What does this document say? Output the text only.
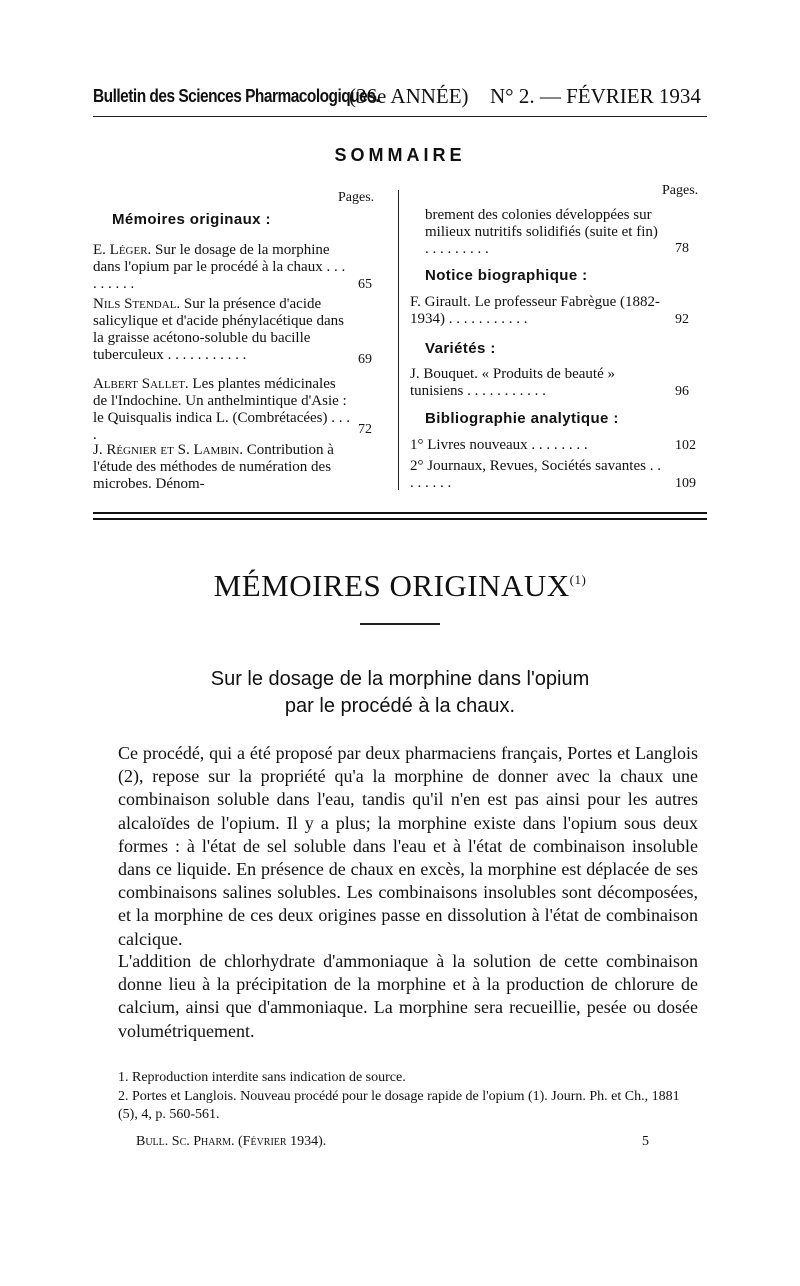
Bulletin des Sciences Pharmacologiques.
(36e ANNÉE) N° 2. — FÉVRIER 1934
SOMMAIRE
Pages.	Pages.
Mémoires originaux :
E. Léger. Sur le dosage de la morphine dans l'opium par le procédé à la chaux . . . . . . . . .	65
Nils Stendal. Sur la présence d'acide salicylique et d'acide phénylacétique dans la graisse acétono-soluble du bacille tuberculeux . . . . . . . . . . .	69
Albert Sallet. Les plantes médicinales de l'Indochine. Un anthelmintique d'Asie : le Quisqualis indica L. (Combrétacées) . . . .	72
J. Régnier et S. Lambin. Contribution à l'étude des méthodes de numération des microbes. Dénom-
brement des colonies développées sur milieux nutritifs solidifiés (suite et fin) . . . . . . . . .	78
Notice biographique :
F. Girault. Le professeur Fabrègue (1882-1934) . . . . . . . . . . .	92
Variétés :
J. Bouquet. « Produits de beauté » tunisiens . . . . . . . . . . .	96
Bibliographie analytique :
1° Livres nouveaux . . . . . . . .	102
2° Journaux, Revues, Sociétés savantes . . . . . . . .	109
MÉMOIRES ORIGINAUX$^{(1)}$
Sur le dosage de la morphine dans l'opium
par le procédé à la chaux.
Ce procédé, qui a été proposé par deux pharmaciens français, Portes et Langlois (2), repose sur la propriété qu'a la morphine de donner avec la chaux une combinaison soluble dans l'eau, tandis qu'il n'en est pas ainsi pour les autres alcaloïdes de l'opium. Il y a plus; la morphine existe dans l'opium sous deux formes : à l'état de sel soluble dans l'eau et à l'état de combinaison insoluble dans ce liquide. En présence de chaux en excès, la morphine est déplacée de ses combinaisons salines solubles. Les combinaisons insolubles sont décomposées, et la morphine de ces deux origines passe en dissolution à l'état de combinaison calcique.
L'addition de chlorhydrate d'ammoniaque à la solution de cette combinaison donne lieu à la précipitation de la morphine et à la production de chlorure de calcium, ainsi que d'ammoniaque. La morphine sera recueillie, pesée ou dosée volumétriquement.
1. Reproduction interdite sans indication de source.
2. Portes et Langlois. Nouveau procédé pour le dosage rapide de l'opium (1). Journ. Ph. et Ch., 1881 (5), 4, p. 560-561.
Bull. Sc. Pharm. (Février 1934).	5
